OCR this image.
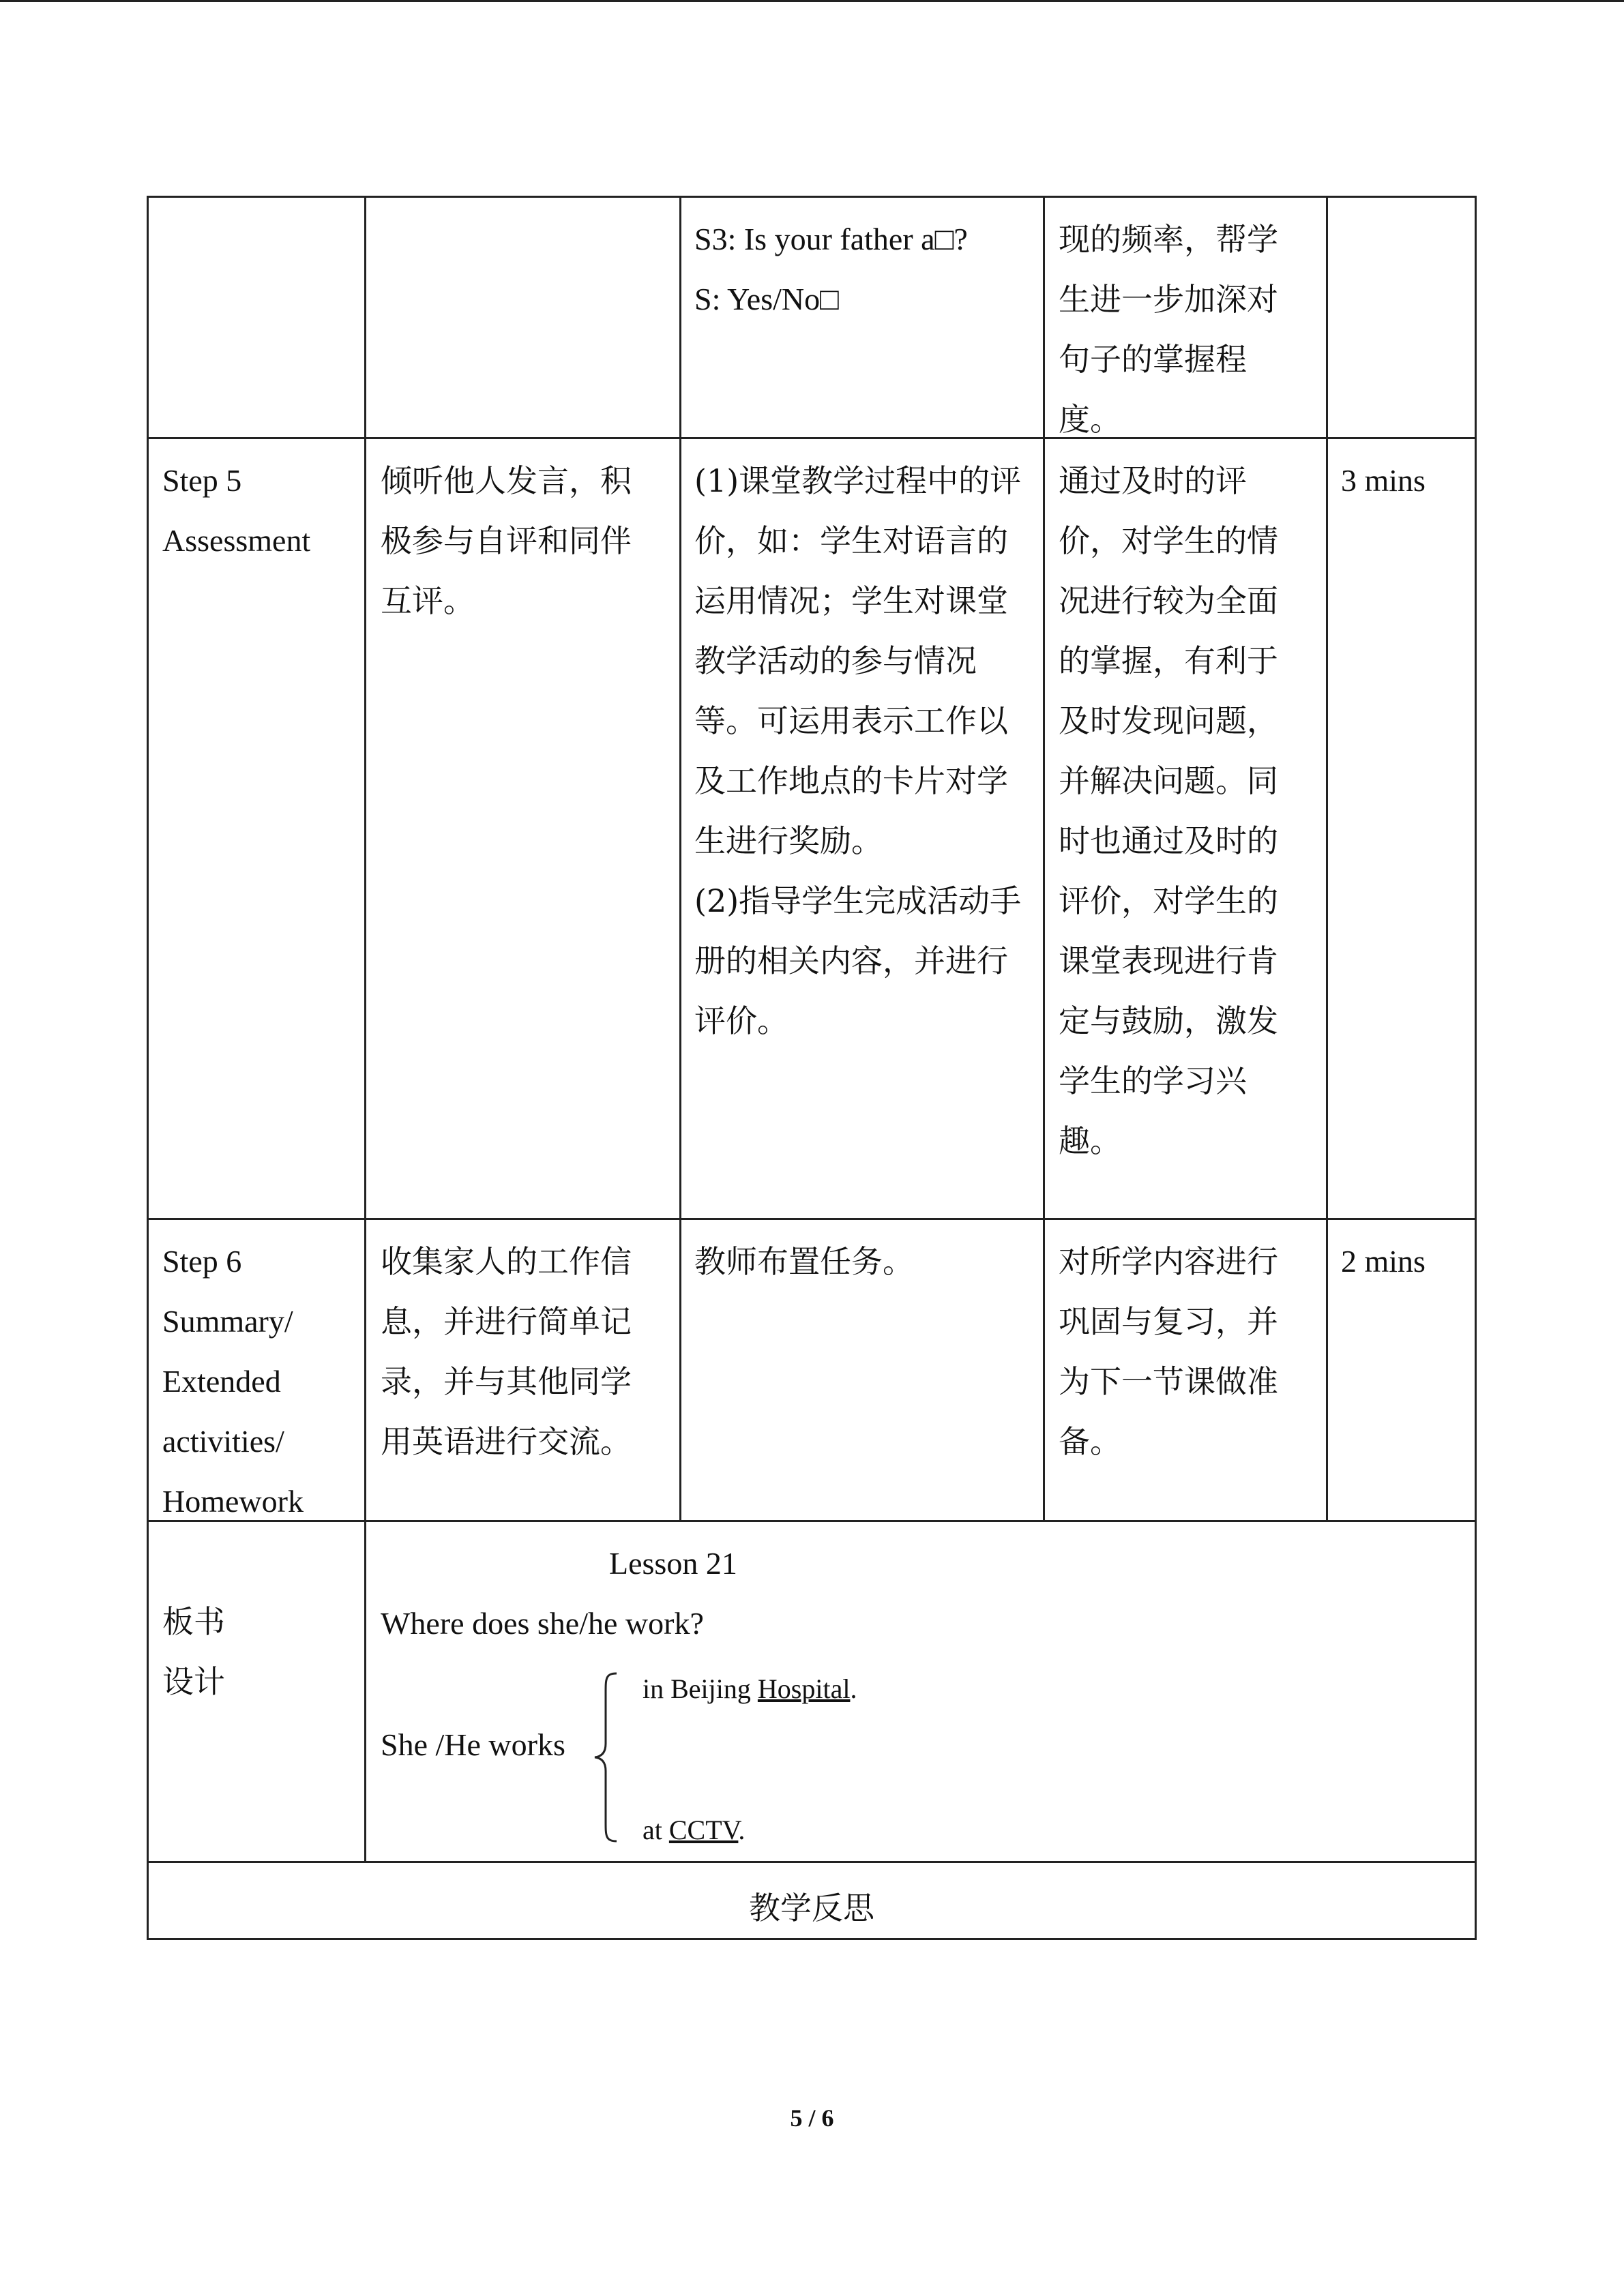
S3: Is your father a□?

S: Yes/No□

现的频率，帮学

生进一步加深对

句子的掌握程

度。

Step 5

Assessment

倾听他人发言，积

极参与自评和同伴

互评。

(1)课堂教学过程中的评

价，如：学生对语言的

运用情况；学生对课堂

教学活动的参与情况

等。可运用表示工作以

及工作地点的卡片对学

生进行奖励。

(2)指导学生完成活动手

册的相关内容，并进行

评价。

通过及时的评

价，对学生的情

况进行较为全面

的掌握，有利于

及时发现问题，

并解决问题。同

时也通过及时的

评价，对学生的

课堂表现进行肯

定与鼓励，激发

学生的学习兴

趣。

3 mins

Step 6

Summary/

Extended

activities/

Homework

收集家人的工作信

息，并进行简单记

录，并与其他同学

用英语进行交流。

教师布置任务。	对所学内容进行

巩固与复习，并

为下一节课做准

备。

2 mins

板书

设计

Lesson 21
Where does she/he work?
She /He works
in Beijing Hospital.
at CCTV.
教学反思
5 / 6
